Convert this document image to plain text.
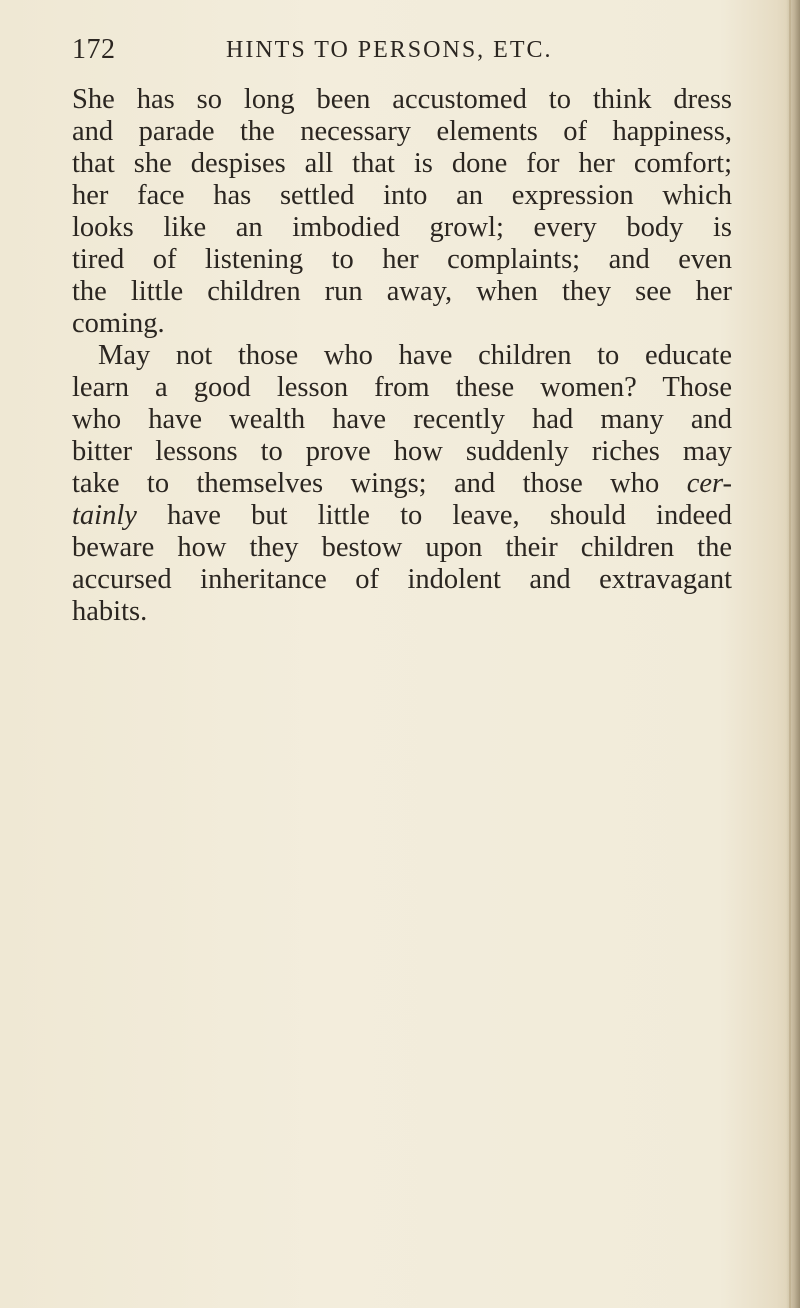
172	HINTS TO PERSONS, ETC.
She has so long been accustomed to think dress
and parade the necessary elements of happiness,
that she despises all that is done for her comfort;
her face has settled into an expression which
looks like an imbodied growl; every body is
tired of listening to her complaints; and even
the little children run away, when they see her
coming.
May not those who have children to educate
learn a good lesson from these women? Those
who have wealth have recently had many and
bitter lessons to prove how suddenly riches may
take to themselves wings; and those who cer-
tainly have but little to leave, should indeed
beware how they bestow upon their children the
accursed inheritance of indolent and extravagant
habits.
